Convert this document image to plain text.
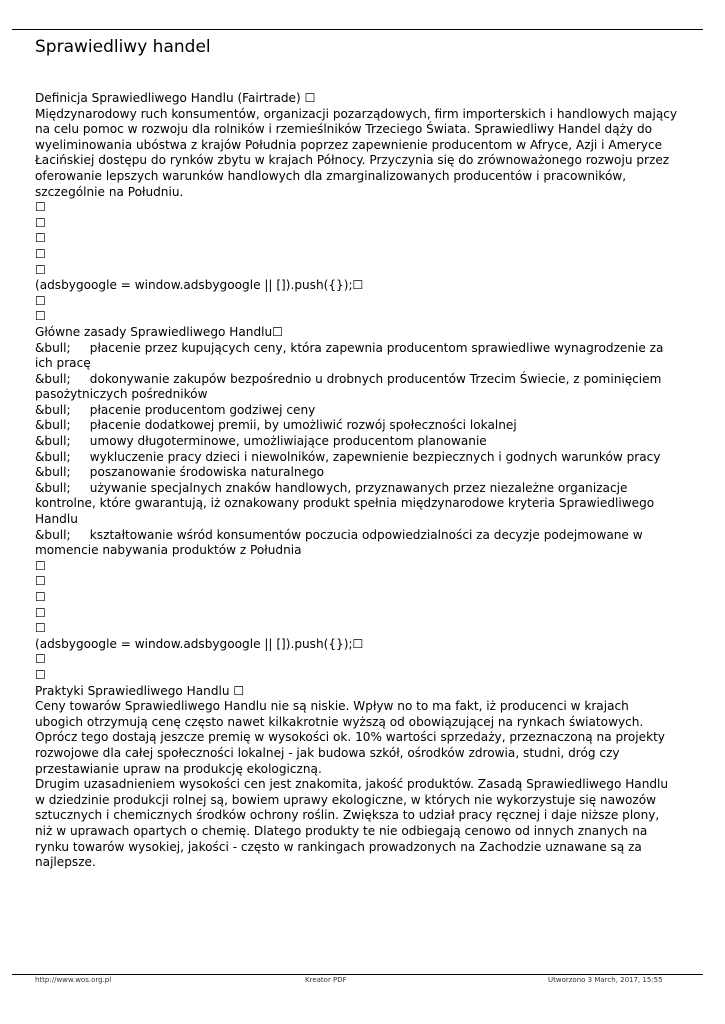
Sprawiedliwy handel
Definicja Sprawiedliwego Handlu (Fairtrade) ☐
Międzynarodowy ruch konsumentów, organizacji pozarządowych, firm importerskich i handlowych mający
na celu pomoc w rozwoju dla rolników i rzemieślników Trzeciego Świata. Sprawiedliwy Handel dąży do
wyeliminowania ubóstwa z krajów Południa poprzez zapewnienie producentom w Afryce, Azji i Ameryce
Łacińskiej dostępu do rynków zbytu w krajach Północy. Przyczynia się do zrównoważonego rozwoju przez
oferowanie lepszych warunków handlowych dla zmarginalizowanych producentów i pracowników,
szczególnie na Południu.
☐
☐
☐
☐
☐
(adsbygoogle = window.adsbygoogle || []).push({});☐
☐
☐
Główne zasady Sprawiedliwego Handlu☐
&bull;     płacenie przez kupujących ceny, która zapewnia producentom sprawiedliwe wynagrodzenie za
ich pracę
&bull;     dokonywanie zakupów bezpośrednio u drobnych producentów Trzecim Świecie, z pominięciem
pasożytniczych pośredników
&bull;     płacenie producentom godziwej ceny
&bull;     płacenie dodatkowej premii, by umożliwić rozwój społeczności lokalnej
&bull;     umowy długoterminowe, umożliwiające producentom planowanie
&bull;     wykluczenie pracy dzieci i niewolników, zapewnienie bezpiecznych i godnych warunków pracy
&bull;     poszanowanie środowiska naturalnego
&bull;     używanie specjalnych znaków handlowych, przyznawanych przez niezależne organizacje
kontrolne, które gwarantują, iż oznakowany produkt spełnia międzynarodowe kryteria Sprawiedliwego
Handlu
&bull;     kształtowanie wśród konsumentów poczucia odpowiedzialności za decyzje podejmowane w
momencie nabywania produktów z Południa
☐
☐
☐
☐
☐
(adsbygoogle = window.adsbygoogle || []).push({});☐
☐
☐
Praktyki Sprawiedliwego Handlu ☐
Ceny towarów Sprawiedliwego Handlu nie są niskie. Wpływ no to ma fakt, iż producenci w krajach
ubogich otrzymują cenę często nawet kilkakrotnie wyższą od obowiązującej na rynkach światowych.
Oprócz tego dostają jeszcze premię w wysokości ok. 10% wartości sprzedaży, przeznaczoną na projekty
rozwojowe dla całej społeczności lokalnej - jak budowa szkół, ośrodków zdrowia, studni, dróg czy
przestawianie upraw na produkcję ekologiczną.
Drugim uzasadnieniem wysokości cen jest znakomita, jakość produktów. Zasadą Sprawiedliwego Handlu
w dziedzinie produkcji rolnej są, bowiem uprawy ekologiczne, w których nie wykorzystuje się nawozów
sztucznych i chemicznych środków ochrony roślin. Zwiększa to udział pracy ręcznej i daje niższe plony,
niż w uprawach opartych o chemię. Dlatego produkty te nie odbiegają cenowo od innych znanych na
rynku towarów wysokiej, jakości - często w rankingach prowadzonych na Zachodzie uznawane są za
najlepsze.
http://www.wos.org.pl	Kreator PDF	Utworzono 3 March, 2017, 15:55
